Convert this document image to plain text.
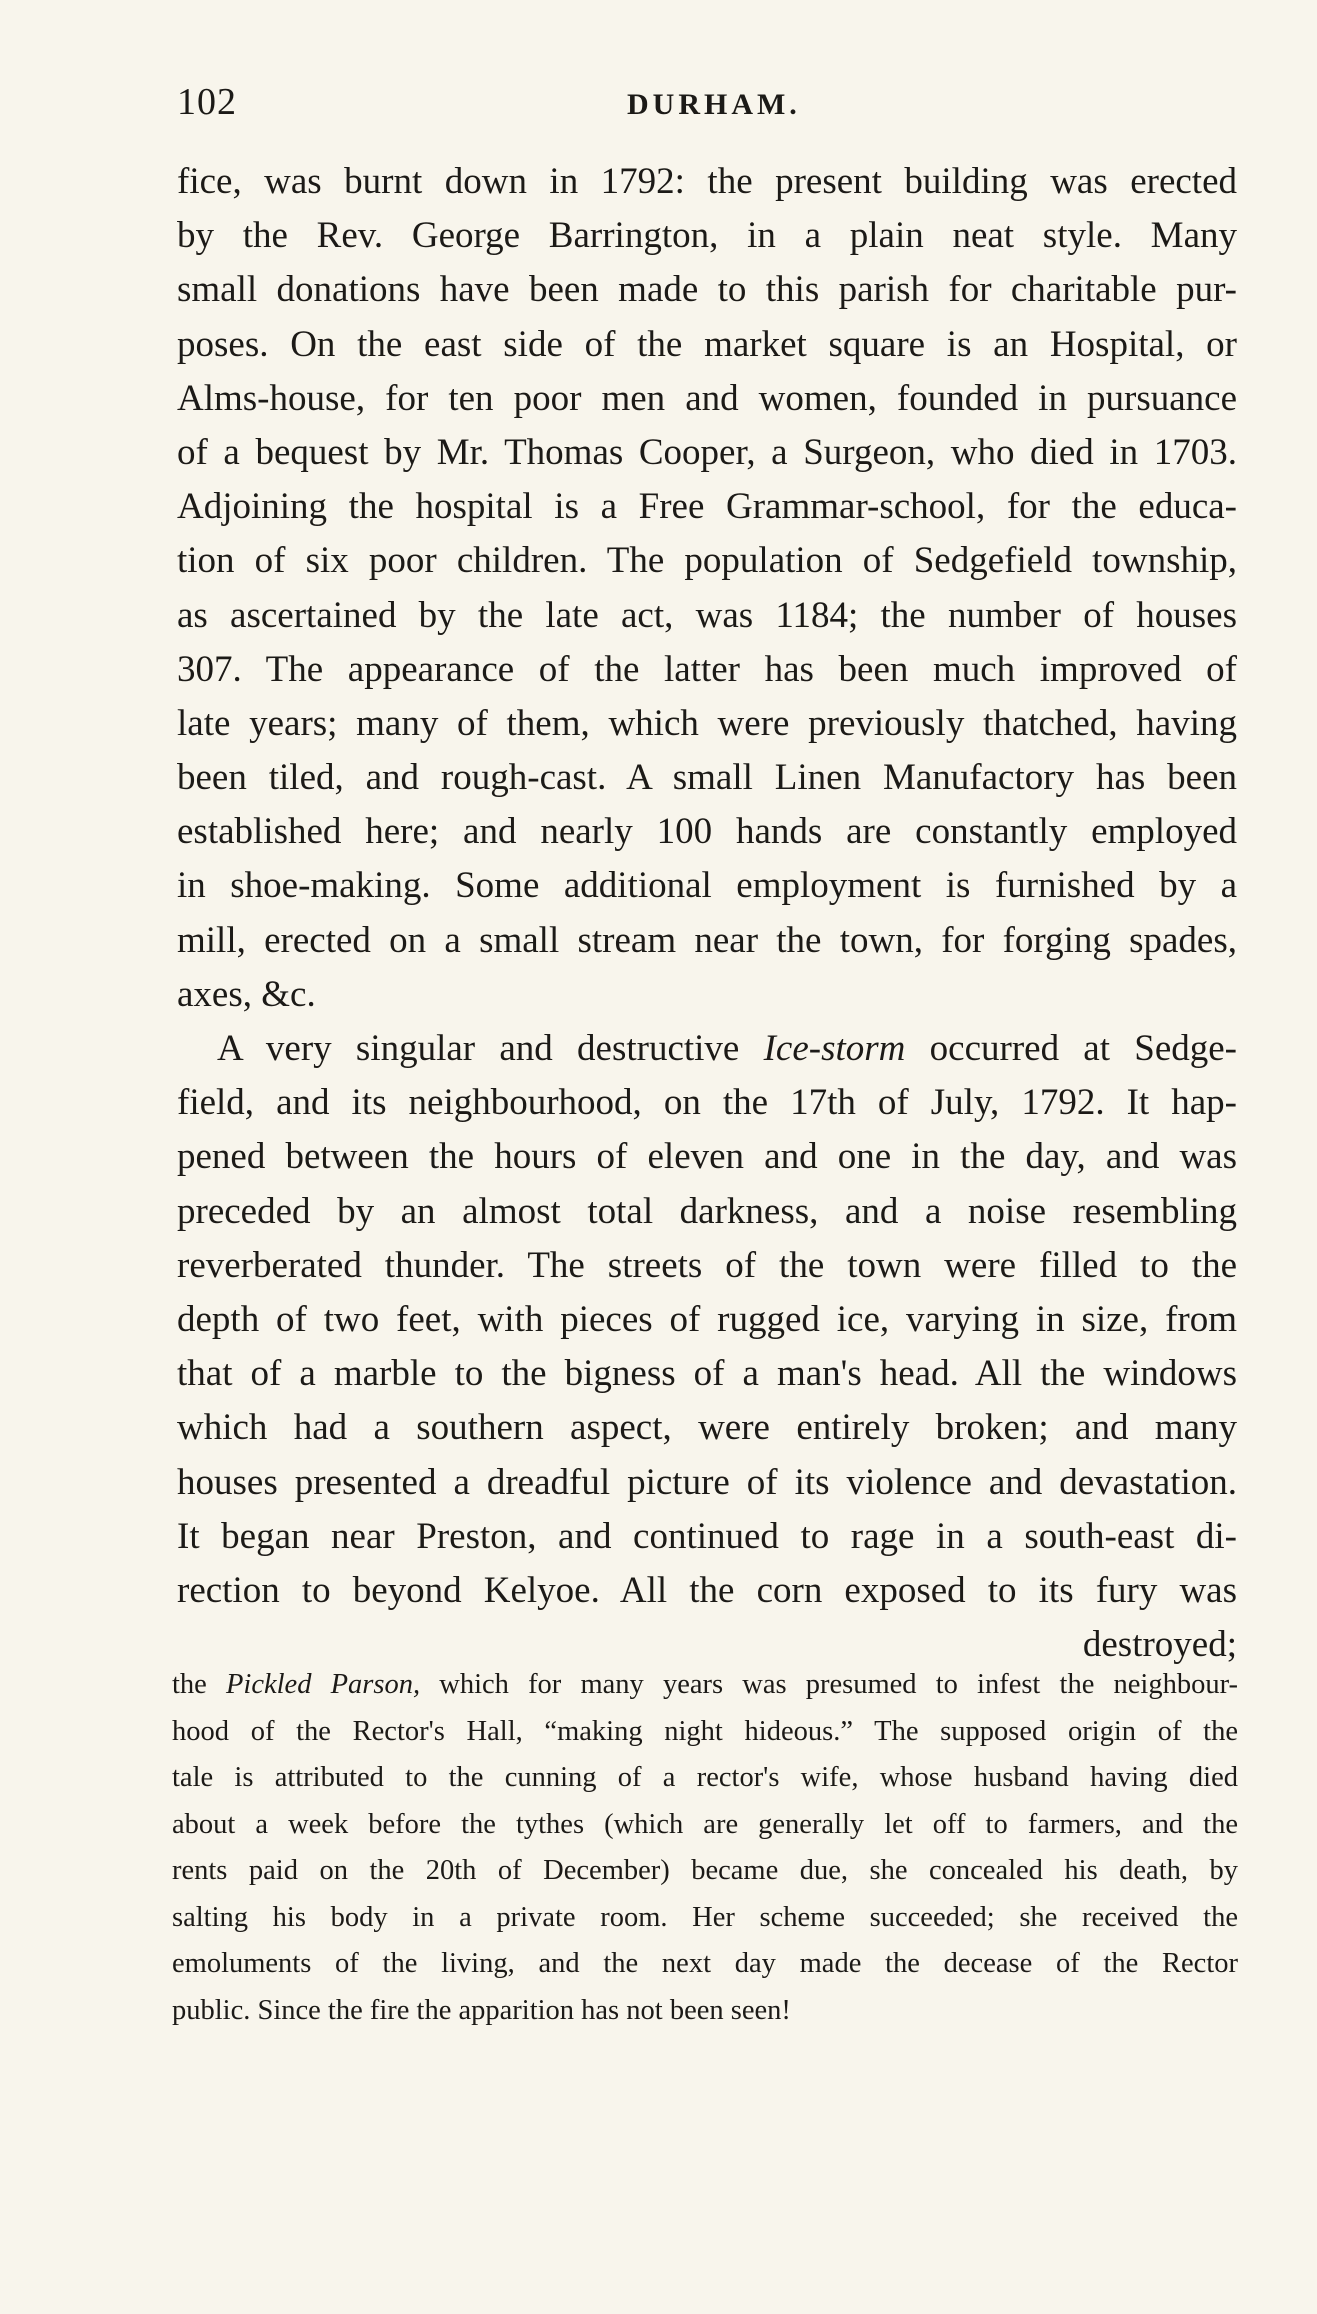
102	DURHAM.
fice, was burnt down in 1792: the present building was erected
by the Rev. George Barrington, in a plain neat style. Many
small donations have been made to this parish for charitable pur-
poses. On the east side of the market square is an Hospital, or
Alms-house, for ten poor men and women, founded in pursuance
of a bequest by Mr. Thomas Cooper, a Surgeon, who died in 1703.
Adjoining the hospital is a Free Grammar-school, for the educa-
tion of six poor children. The population of Sedgefield township,
as ascertained by the late act, was 1184; the number of houses
307. The appearance of the latter has been much improved of
late years; many of them, which were previously thatched, having
been tiled, and rough-cast. A small Linen Manufactory has been
established here; and nearly 100 hands are constantly employed
in shoe-making. Some additional employment is furnished by a
mill, erected on a small stream near the town, for forging spades,
axes, &c.
A very singular and destructive Ice-storm occurred at Sedge-
field, and its neighbourhood, on the 17th of July, 1792. It hap-
pened between the hours of eleven and one in the day, and was
preceded by an almost total darkness, and a noise resembling
reverberated thunder. The streets of the town were filled to the
depth of two feet, with pieces of rugged ice, varying in size, from
that of a marble to the bigness of a man's head. All the windows
which had a southern aspect, were entirely broken; and many
houses presented a dreadful picture of its violence and devastation.
It began near Preston, and continued to rage in a south-east di-
rection to beyond Kelyoe. All the corn exposed to its fury was
destroyed;
the Pickled Parson, which for many years was presumed to infest the neighbour-
hood of the Rector's Hall, “making night hideous.” The supposed origin of the
tale is attributed to the cunning of a rector's wife, whose husband having died
about a week before the tythes (which are generally let off to farmers, and the
rents paid on the 20th of December) became due, she concealed his death, by
salting his body in a private room. Her scheme succeeded; she received the
emoluments of the living, and the next day made the decease of the Rector
public. Since the fire the apparition has not been seen!
